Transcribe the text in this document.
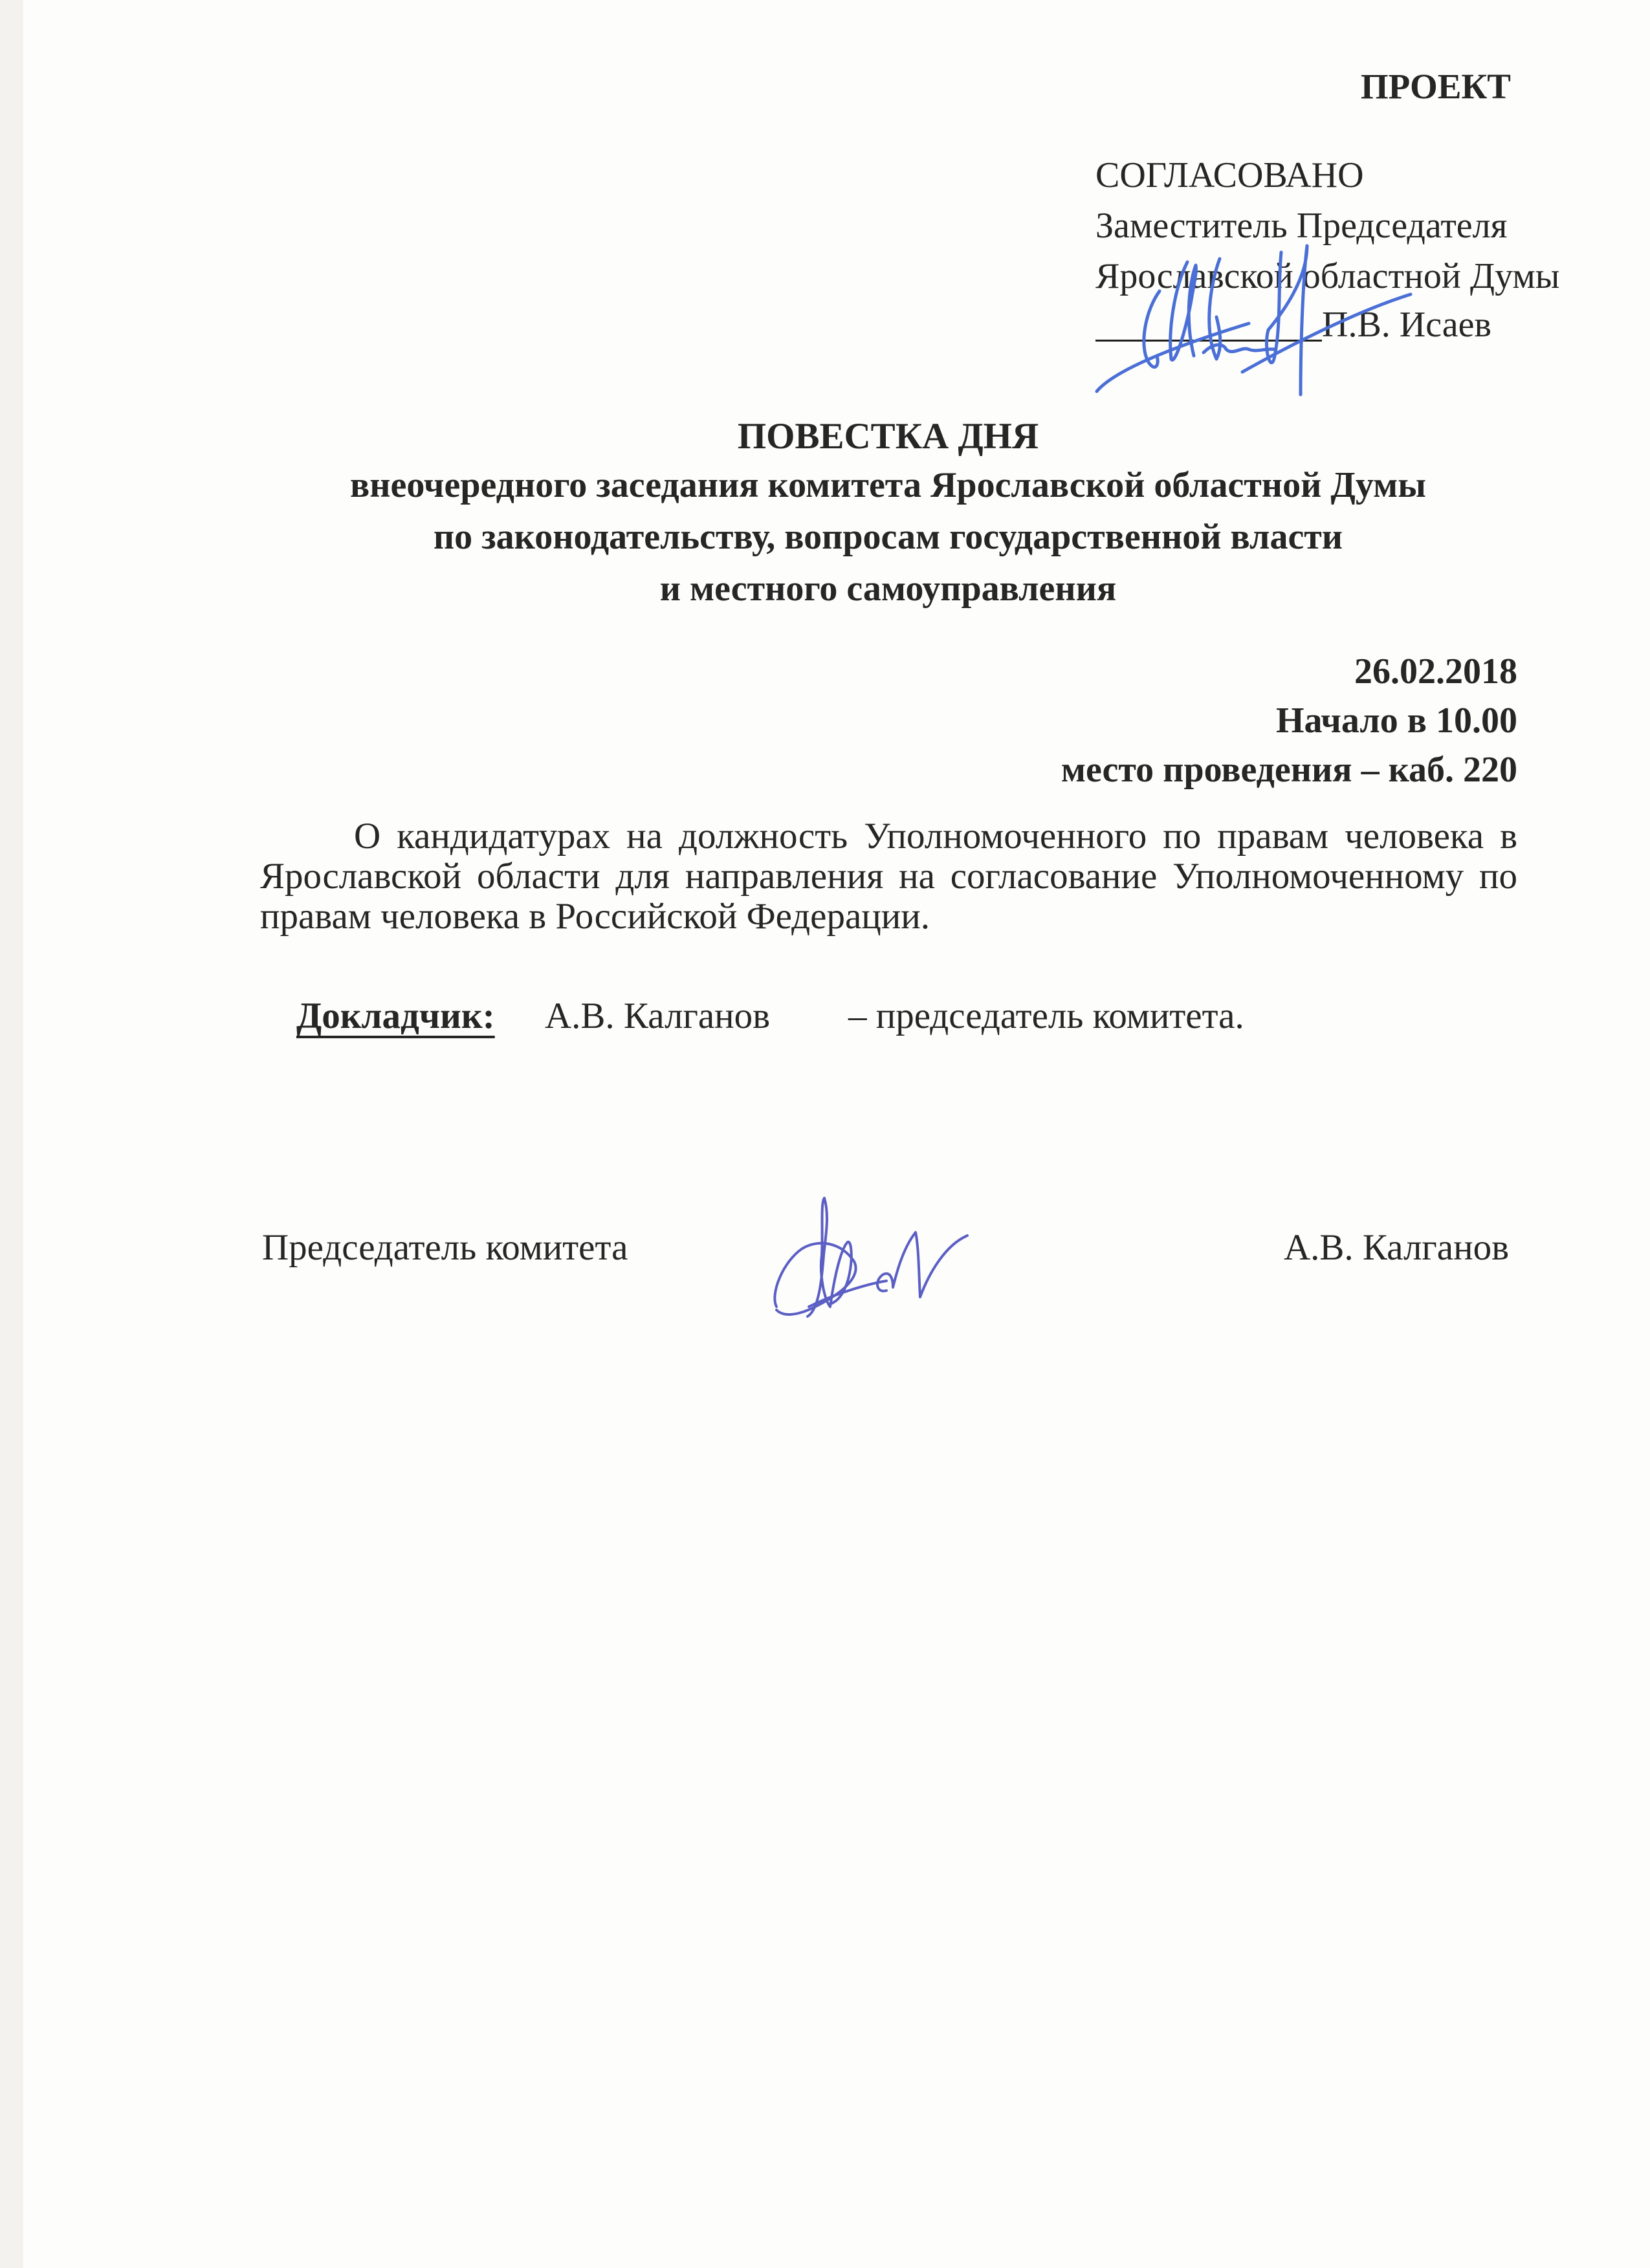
ПРОЕКТ
СОГЛАСОВАНО
Заместитель Председателя
Ярославской областной Думы
П.В. Исаев
ПОВЕСТКА ДНЯ
внеочередного заседания комитета Ярославской областной Думы
по законодательству, вопросам государственной власти
и местного самоуправления
26.02.2018
Начало в 10.00
место проведения – каб. 220
О кандидатурах на должность Уполномоченного по правам человека в
Ярославской области для направления на согласование Уполномоченному по
правам человека в Российской Федерации.
Докладчик: А.В. Калганов – председатель комитета.
Председатель комитета	А.В. Калганов
